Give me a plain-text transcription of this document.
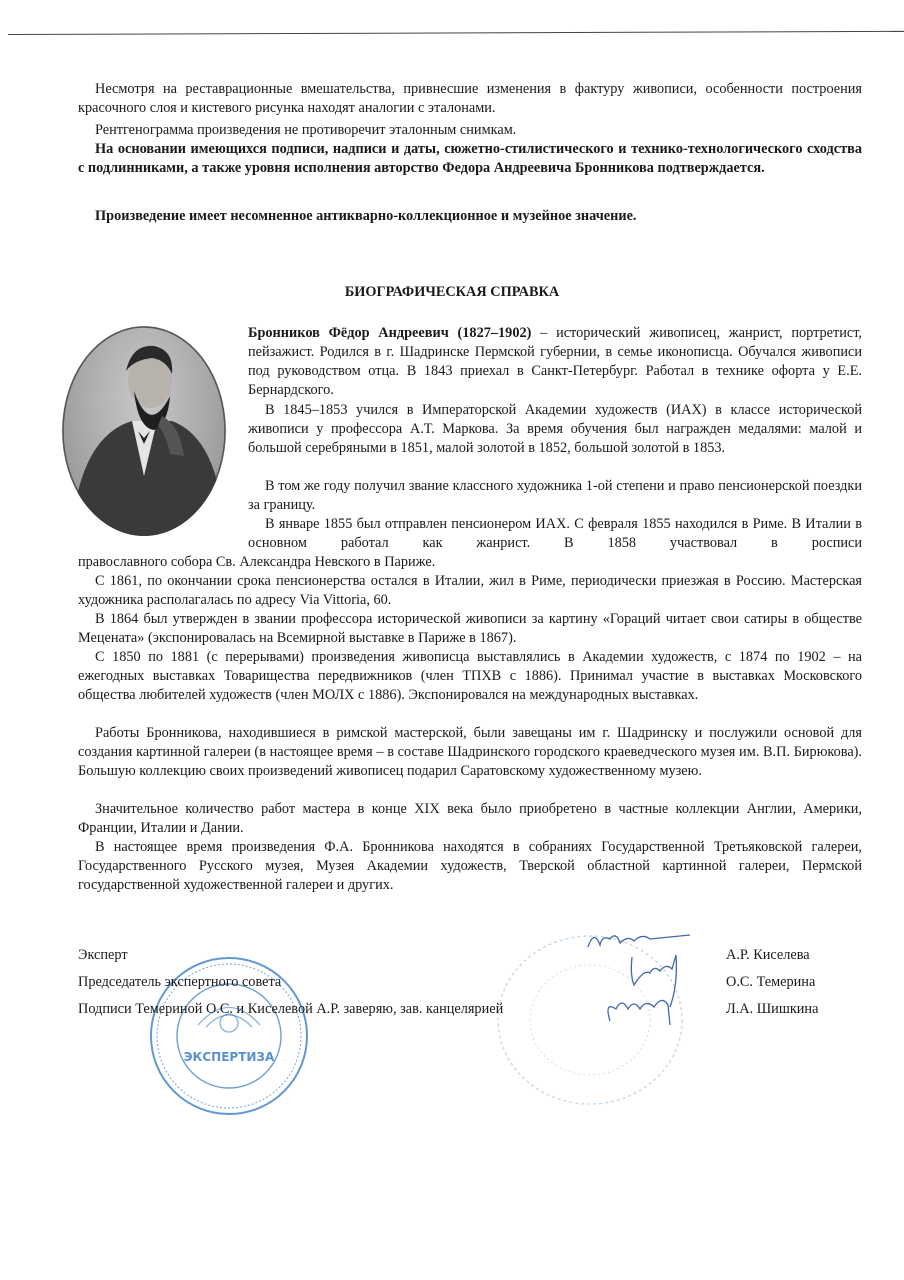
Несмотря на реставрационные вмешательства, привнесшие изменения в фактуру живописи, особенности построения красочного слоя и кистевого рисунка находят аналогии с эталонами.

Рентгенограмма произведения не противоречит эталонным снимкам.

На основании имеющихся подписи, надписи и даты, сюжетно-стилистического и технико-технологического сходства с подлинниками, а также уровня исполнения авторство Федора Андреевича Бронникова подтверждается.

Произведение имеет несомненное антикварно-коллекционное и музейное значение.

БИОГРАФИЧЕСКАЯ СПРАВКА

Бронников Фёдор Андреевич (1827–1902) – исторический живописец, жанрист, портретист, пейзажист. Родился в г. Шадринске Пермской губернии, в семье иконописца. Обучался живописи под руководством отца. В 1843 приехал в Санкт-Петербург. Работал в технике офорта у Е.Е. Бернардского.

В 1845–1853 учился в Императорской Академии художеств (ИАХ) в классе исторической живописи у профессора А.Т. Маркова. За время обучения был награжден медалями: малой и большой серебряными в 1851, малой золотой в 1852, большой золотой в 1853.

В том же году получил звание классного художника 1-ой степени и право пенсионерской поездки за границу.

В январе 1855 был отправлен пенсионером ИАХ. С февраля 1855 находился в Риме. В Италии в основном работал как жанрист. В 1858 участвовал в росписи

православного собора Св. Александра Невского в Париже.

С 1861, по окончании срока пенсионерства остался в Италии, жил в Риме, периодически приезжая в Россию. Мастерская художника располагалась по адресу Via Vittoria, 60.

В 1864 был утвержден в звании профессора исторической живописи за картину «Гораций читает свои сатиры в обществе Мецената» (экспонировалась на Всемирной выставке в Париже в 1867).

С 1850 по 1881 (с перерывами) произведения живописца выставлялись в Академии художеств, с 1874 по 1902 – на ежегодных выставках Товарищества передвижников (член ТПХВ с 1886). Принимал участие в выставках Московского общества любителей художеств (член МОЛХ с 1886). Экспонировался на международных выставках.

Работы Бронникова, находившиеся в римской мастерской, были завещаны им г. Шадринску и послужили основой для создания картинной галереи (в настоящее время – в составе Шадринского городского краеведческого музея им. В.П. Бирюкова). Большую коллекцию своих произведений живописец подарил Саратовскому художественному музею.

Значительное количество работ мастера в конце XIX века было приобретено в частные коллекции Англии, Америки, Франции, Италии и Дании.

В настоящее время произведения Ф.А. Бронникова находятся в собраниях Государственной Третьяковской галереи, Государственного Русского музея, Музея Академии художеств, Тверской областной картинной галереи, Пермской государственной художественной галереи и других.

ЭКСПЕРТИЗА
Эксперт
Председатель экспертного совета
Подписи Темериной О.С. и Киселевой А.Р. заверяю, зав. канцелярией
А.Р. Киселева
О.С. Темерина
Л.А. Шишкина
